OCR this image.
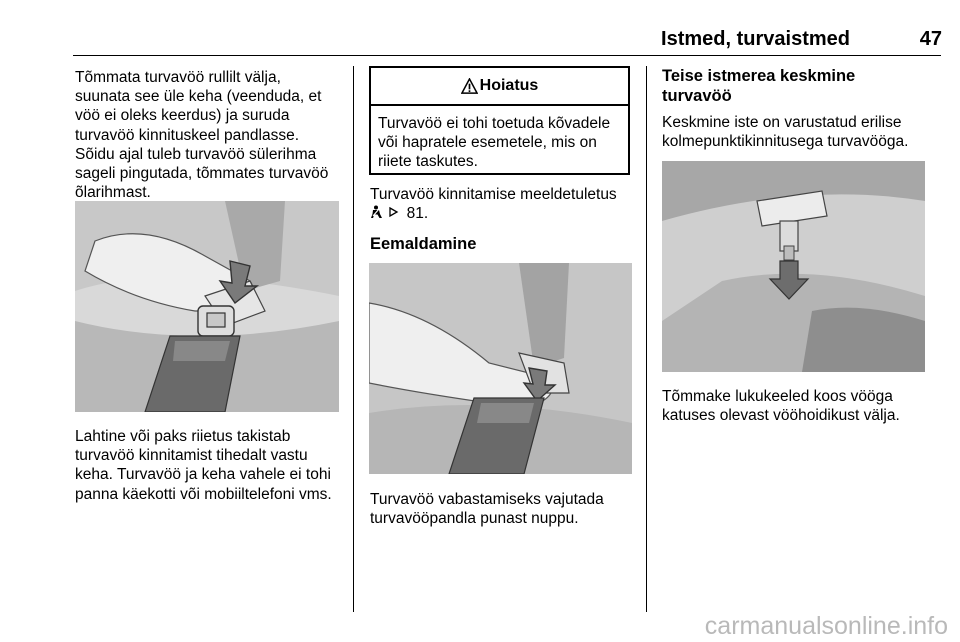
Istmed, turvaistmed	47
Tõmmata turvavöö rullilt välja,
suunata see üle keha (veenduda, et
vöö ei oleks keerdus) ja suruda
turvavöö kinnituskeel pandlasse.
Sõidu ajal tuleb turvavöö sülerihma
sageli pingutada, tõmmates turvavöö
õlarihmast.
Lahtine või paks riietus takistab
turvavöö kinnitamist tihedalt vastu
keha. Turvavöö ja keha vahele ei tohi
panna käekotti või mobiiltelefoni vms.
Hoiatus
Turvavöö ei tohi toetuda kõvadele
või hapratele esemetele, mis on
riiete taskutes.
Turvavöö kinnitamise meeldetuletus
81.
Eemaldamine
Turvavöö vabastamiseks vajutada
turvavööpandla punast nuppu.
Teise istmerea keskmine
turvavöö
Keskmine iste on varustatud erilise
kolmepunktikinnitusega turvavööga.
Tõmmake lukukeeled koos vööga
katuses olevast vööhoidikust välja.
carmanualsonline.info
